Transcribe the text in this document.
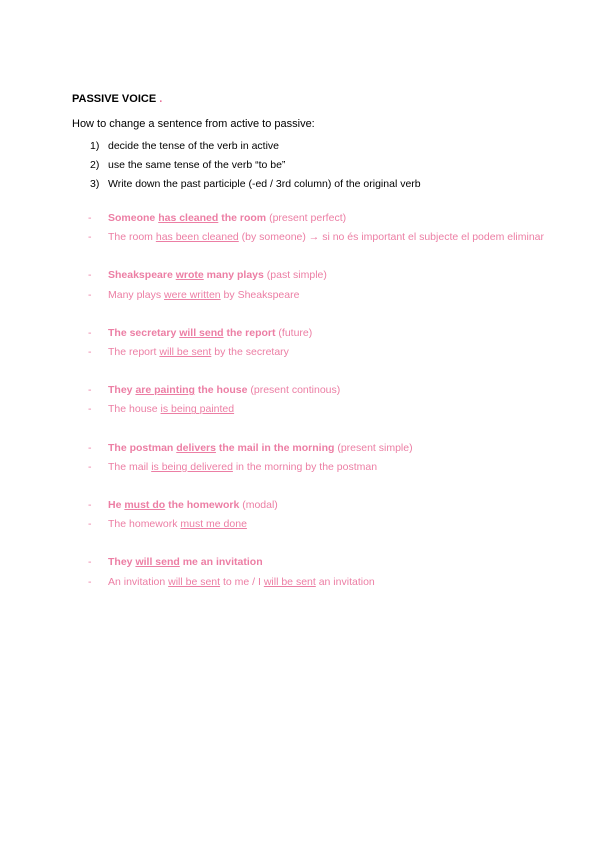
PASSIVE VOICE .
How to change a sentence from active to passive:
1) decide the tense of the verb in active
2) use the same tense of the verb “to be”
3) Write down the past participle (-ed / 3rd column) of the original verb
-	Someone has cleaned the room (present perfect)
-	The room has been cleaned (by someone) → si no és important el subjecte el podem eliminar
-	Sheakspeare wrote many plays (past simple)
-	Many plays were written by Sheakspeare
-	The secretary will send the report (future)
-	The report will be sent by the secretary
-	They are painting the house (present continous)
-	The house is being painted
-	The postman delivers the mail in the morning (present simple)
-	The mail is being delivered in the morning by the postman
-	He must do the homework (modal)
-	The homework must me done
-	They will send me an invitation
-	An invitation will be sent to me / I will be sent an invitation
